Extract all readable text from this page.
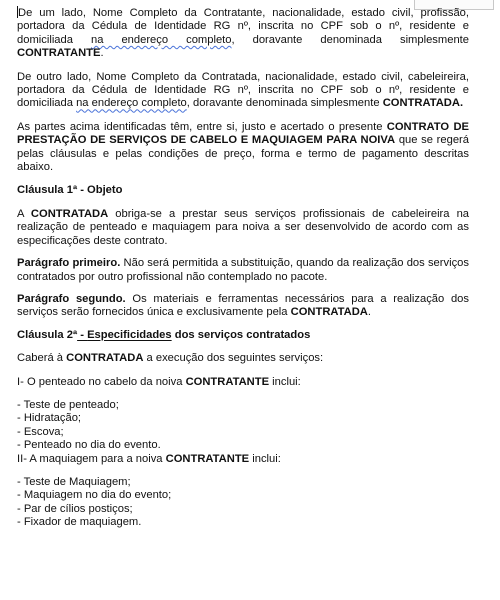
De um lado, Nome Completo da Contratante, nacionalidade, estado civil, profissão, portadora da Cédula de Identidade RG nº, inscrita no CPF sob o nº, residente e domiciliada na endereço completo, doravante denominada simplesmente CONTRATANTE.

De outro lado, Nome Completo da Contratada, nacionalidade, estado civil, cabeleireira, portadora da Cédula de Identidade RG nº, inscrita no CPF sob o nº, residente e domiciliada na endereço completo, doravante denominada simplesmente CONTRATADA.

As partes acima identificadas têm, entre si, justo e acertado o presente CONTRATO DE PRESTAÇÃO DE SERVIÇOS DE CABELO E MAQUIAGEM PARA NOIVA que se regerá pelas cláusulas e pelas condições de preço, forma e termo de pagamento descritas abaixo.

Cláusula 1ª - Objeto

A CONTRATADA obriga-se a prestar seus serviços profissionais de cabeleireira na realização de penteado e maquiagem para noiva a ser desenvolvido de acordo com as especificações deste contrato.

Parágrafo primeiro. Não será permitida a substituição, quando da realização dos serviços contratados por outro profissional não contemplado no pacote.

Parágrafo segundo. Os materiais e ferramentas necessários para a realização dos serviços serão fornecidos única e exclusivamente pela CONTRATADA.

Cláusula 2ª - Especificidades dos serviços contratados

Caberá à CONTRATADA a execução dos seguintes serviços:

I- O penteado no cabelo da noiva CONTRATANTE inclui:

- Teste de penteado;

- Hidratação;

- Escova;

- Penteado no dia do evento.

II- A maquiagem para a noiva CONTRATANTE inclui:

- Teste de Maquiagem;

- Maquiagem no dia do evento;

- Par de cílios postiços;

- Fixador de maquiagem.
